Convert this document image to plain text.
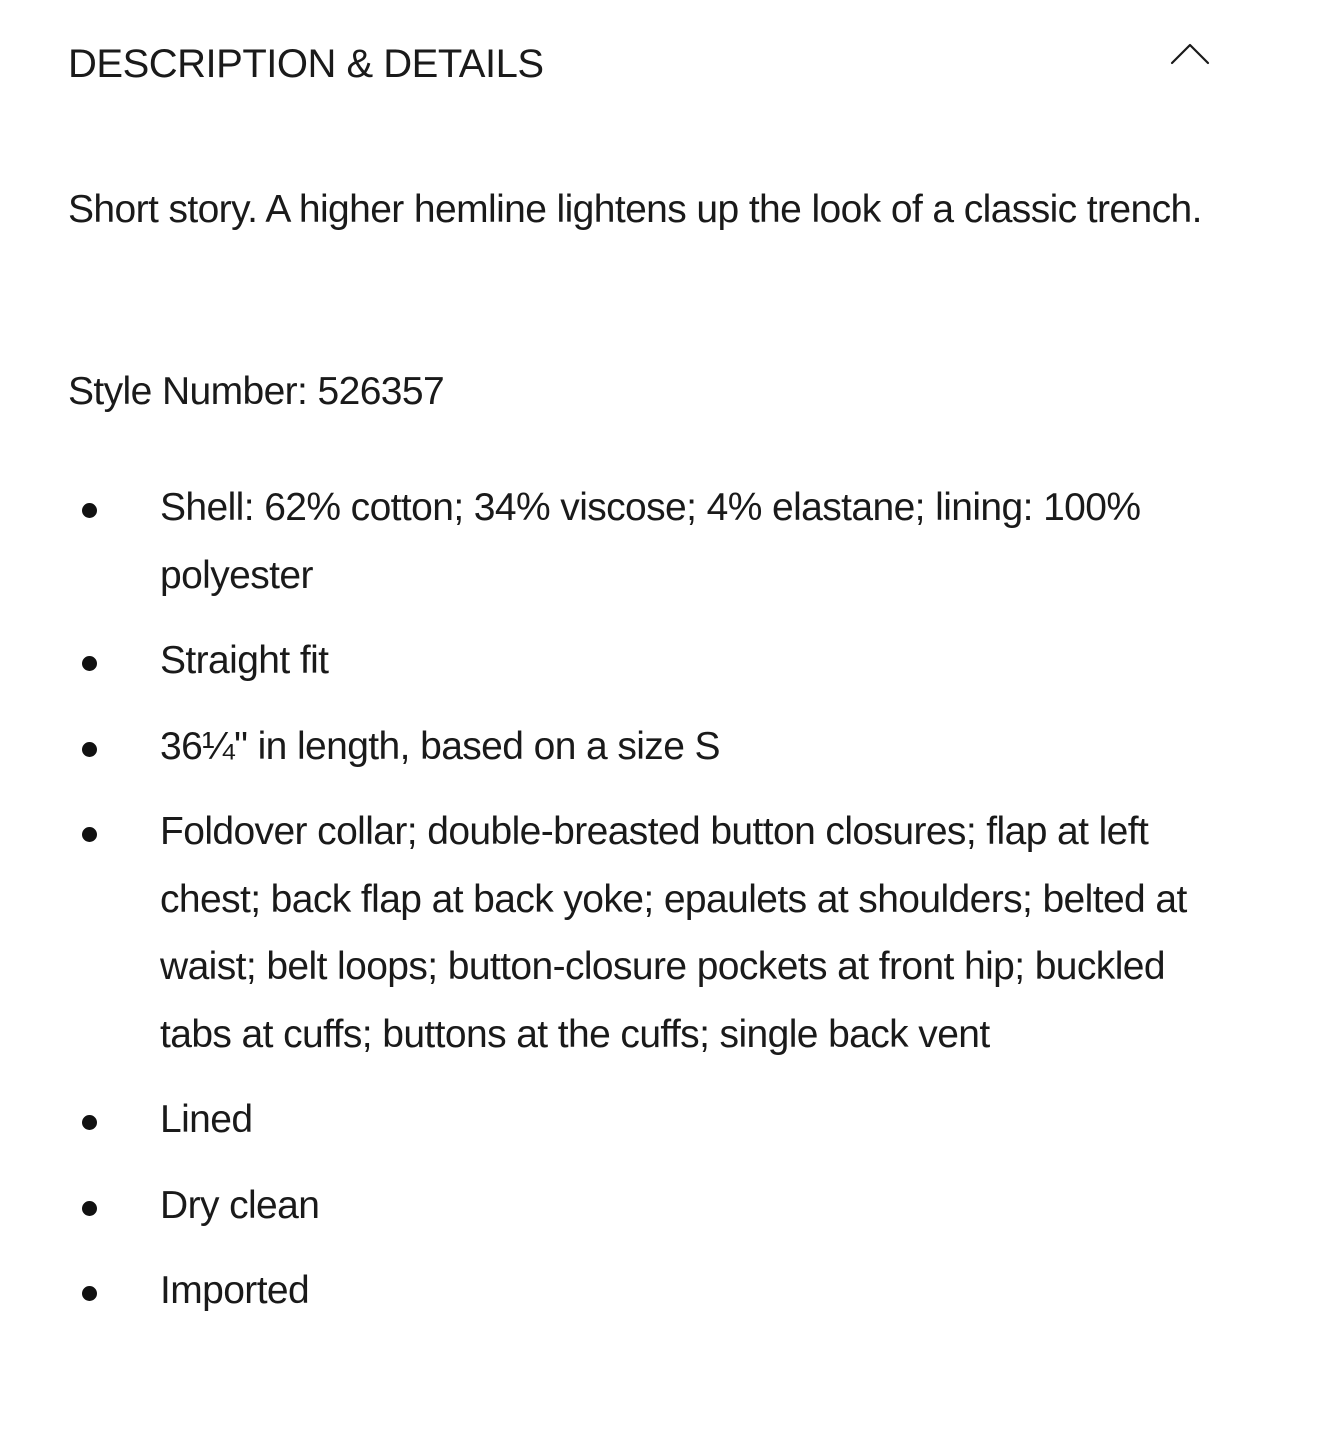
DESCRIPTION & DETAILS

Short story. A higher hemline lightens up the look of a classic trench.

Style Number: 526357

Shell: 62% cotton; 34% viscose; 4% elastane; lining: 100% polyester
Straight fit
36¼" in length, based on a size S
Foldover collar; double-breasted button closures; flap at left chest; back flap at back yoke; epaulets at shoulders; belted at waist; belt loops; button-closure pockets at front hip; buckled tabs at cuffs; buttons at the cuffs; single back vent
Lined
Dry clean
Imported
